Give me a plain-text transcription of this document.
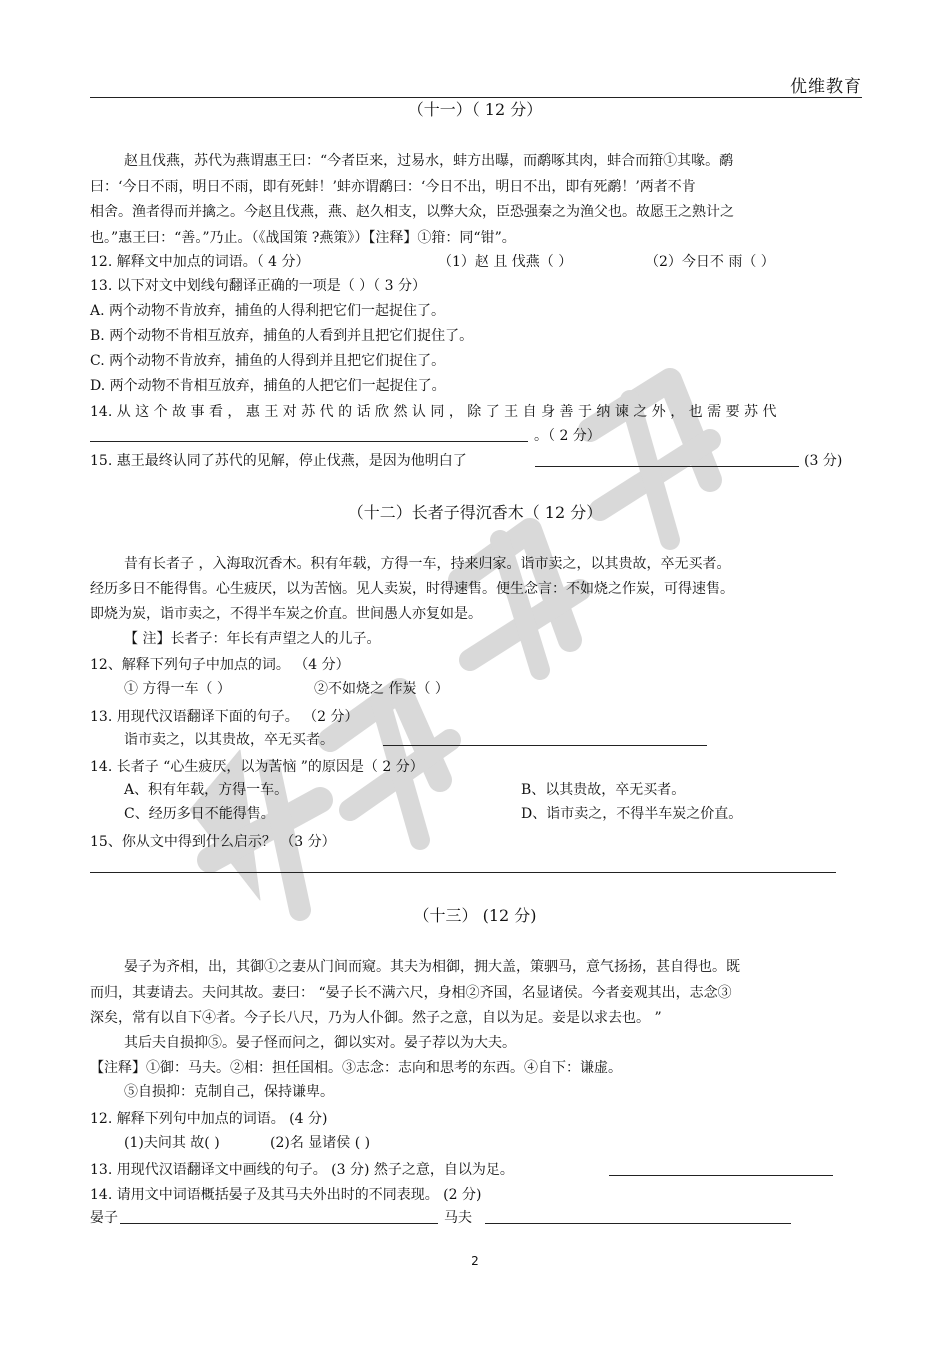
优维教育
（十一）（ 12 分）
赵且伐燕，苏代为燕谓惠王曰：“今者臣来，过易水，蚌方出曝，而鹬啄其肉，蚌合而箝①其喙。鹬
曰：‘今日不雨，明日不雨，即有死蚌！’蚌亦谓鹬曰：‘今日不出，明日不出，即有死鹬！’两者不肯
相舍。渔者得而并擒之。今赵且伐燕，燕、赵久相支，以弊大众，臣恐强秦之为渔父也。故愿王之熟计之
也。”惠王曰：“善。”乃止。（《战国策 ?燕策》）【注释】①箝：同“钳”。
12. 解释文中加点的词语。（ 4 分）	（1）赵 且 伐燕（ ）	（2）今日不 雨（ ）
13. 以下对文中划线句翻译正确的一项是（ ）（ 3 分）
A. 两个动物不肯放弃，捕鱼的人得利把它们一起捉住了。
B. 两个动物不肯相互放弃，捕鱼的人看到并且把它们捉住了。
C. 两个动物不肯放弃，捕鱼的人得到并且把它们捉住了。
D. 两个动物不肯相互放弃，捕鱼的人把它们一起捉住了。
14. 从 这 个 故 事 看 ， 惠 王 对 苏 代 的 话 欣 然 认 同 ， 除 了 王 自 身 善 于 纳 谏 之 外 ， 也 需 要 苏 代
。（ 2 分）
15. 惠王最终认同了苏代的见解，停止伐燕，是因为他明白了	(3 分)
（十二）长者子得沉香木（ 12 分）
昔有长者子 ，入海取沉香木。积有年载，方得一车，持来归家。诣市卖之，以其贵故，卒无买者。
经历多日不能得售。心生疲厌，以为苦恼。见人卖炭，时得速售。便生念言：不如烧之作炭，可得速售。
即烧为炭，诣市卖之，不得半车炭之价直。世间愚人亦复如是。
【 注】长者子：年长有声望之人的儿子。
12、解释下列句子中加点的词。 （4 分）
① 方得一车（ ）	②不如烧之 作炭（ ）
13. 用现代汉语翻译下面的句子。 （2 分）
诣市卖之，以其贵故，卒无买者。
14. 长者子 “心生疲厌，以为苦恼 ”的原因是（ 2 分）
A、积有年载，方得一车。	B、以其贵故，卒无买者。
C、经历多日不能得售。	D、诣市卖之，不得半车炭之价直。
15、你从文中得到什么启示？ （3 分）
（十三） (12 分)
晏子为齐相，出，其御①之妻从门间而窥。其夫为相御，拥大盖，策驷马，意气扬扬，甚自得也。既
而归，其妻请去。夫问其故。妻曰： “晏子长不满六尺，身相②齐国，名显诸侯。今者妾观其出，志念③
深矣，常有以自下④者。今子长八尺，乃为人仆御。然子之意，自以为足。妾是以求去也。 ”
其后夫自损抑⑤。晏子怪而问之，御以实对。晏子荐以为大夫。
【注释】①御：马夫。②相：担任国相。③志念：志向和思考的东西。④自下：谦虚。
⑤自损抑：克制自己，保持谦卑。
12. 解释下列句中加点的词语。 (4 分)
(1)夫问其 故( )	(2)名 显诸侯 ( )
13. 用现代汉语翻译文中画线的句子。 (3 分) 然子之意，自以为足。
14. 请用文中词语概括晏子及其马夫外出时的不同表现。 (2 分)
晏子	马夫
2
